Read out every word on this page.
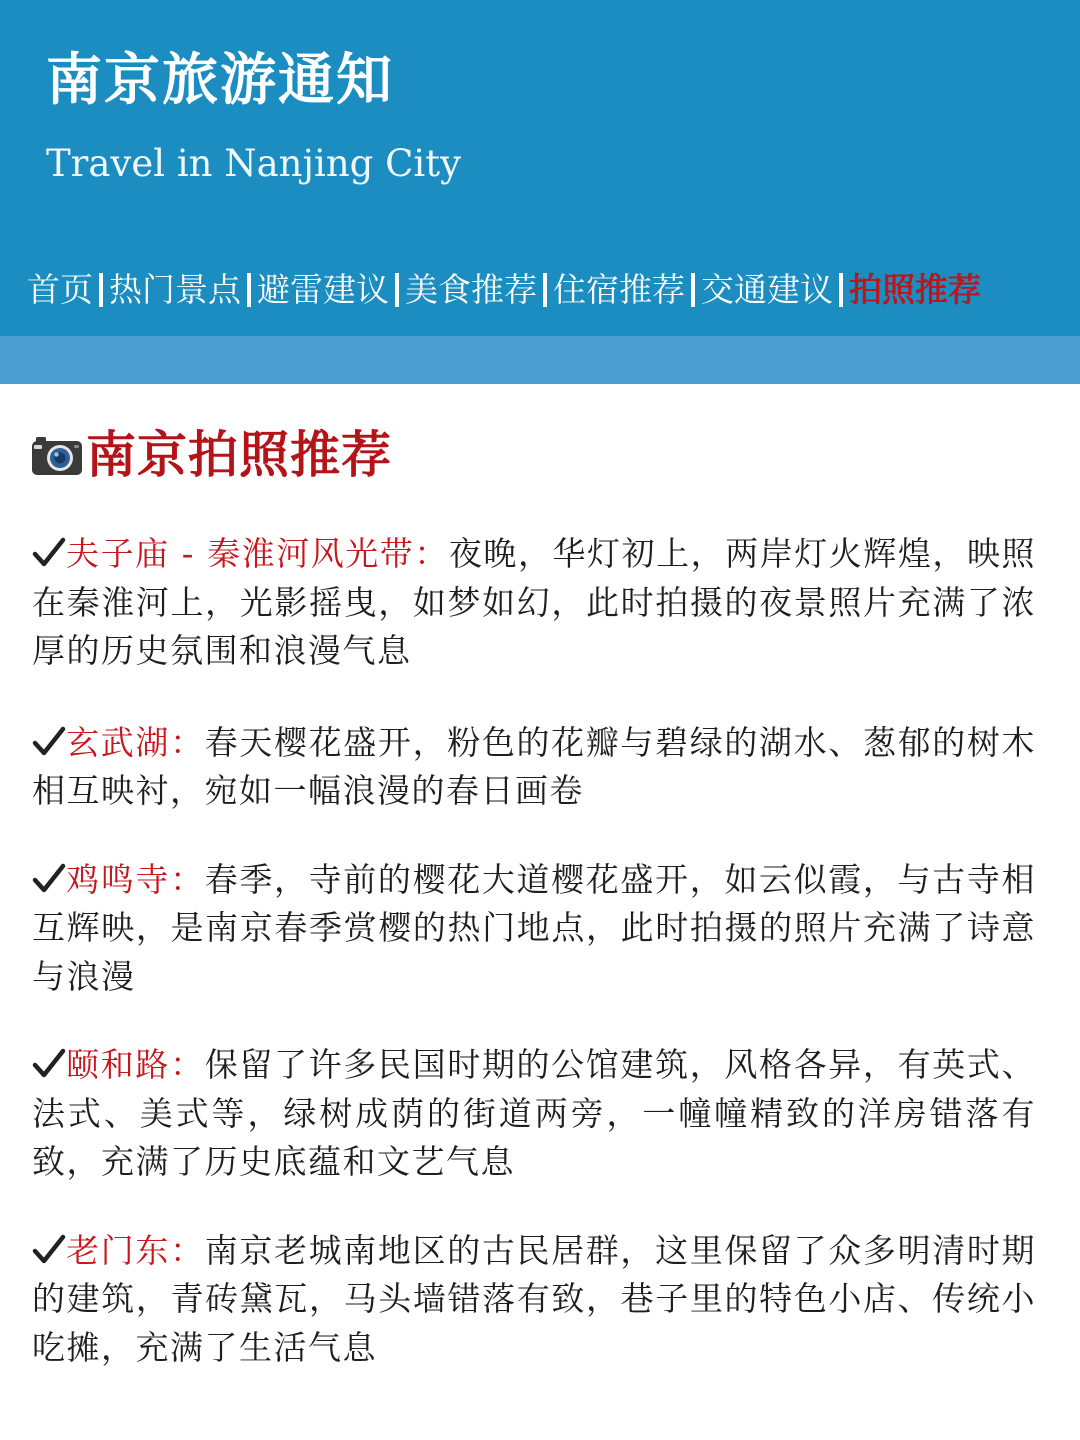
南京旅游通知
Travel in Nanjing City
首页 热门景点 避雷建议 美食推荐 住宿推荐 交通建议 拍照推荐
南京拍照推荐

夫子庙 - 秦淮河风光带：夜晚，华灯初上，两岸灯火辉煌，映照在秦淮河上，光影摇曳，如梦如幻，此时拍摄的夜景照片充满了浓厚的历史氛围和浪漫气息

玄武湖：春天樱花盛开，粉色的花瓣与碧绿的湖水、葱郁的树木相互映衬，宛如一幅浪漫的春日画卷

鸡鸣寺：春季，寺前的樱花大道樱花盛开，如云似霞，与古寺相互辉映，是南京春季赏樱的热门地点，此时拍摄的照片充满了诗意与浪漫

颐和路：保留了许多民国时期的公馆建筑，风格各异，有英式、法式、美式等，绿树成荫的街道两旁，一幢幢精致的洋房错落有致，充满了历史底蕴和文艺气息

老门东：南京老城南地区的古民居群，这里保留了众多明清时期的建筑，青砖黛瓦，马头墙错落有致，巷子里的特色小店、传统小吃摊，充满了生活气息
